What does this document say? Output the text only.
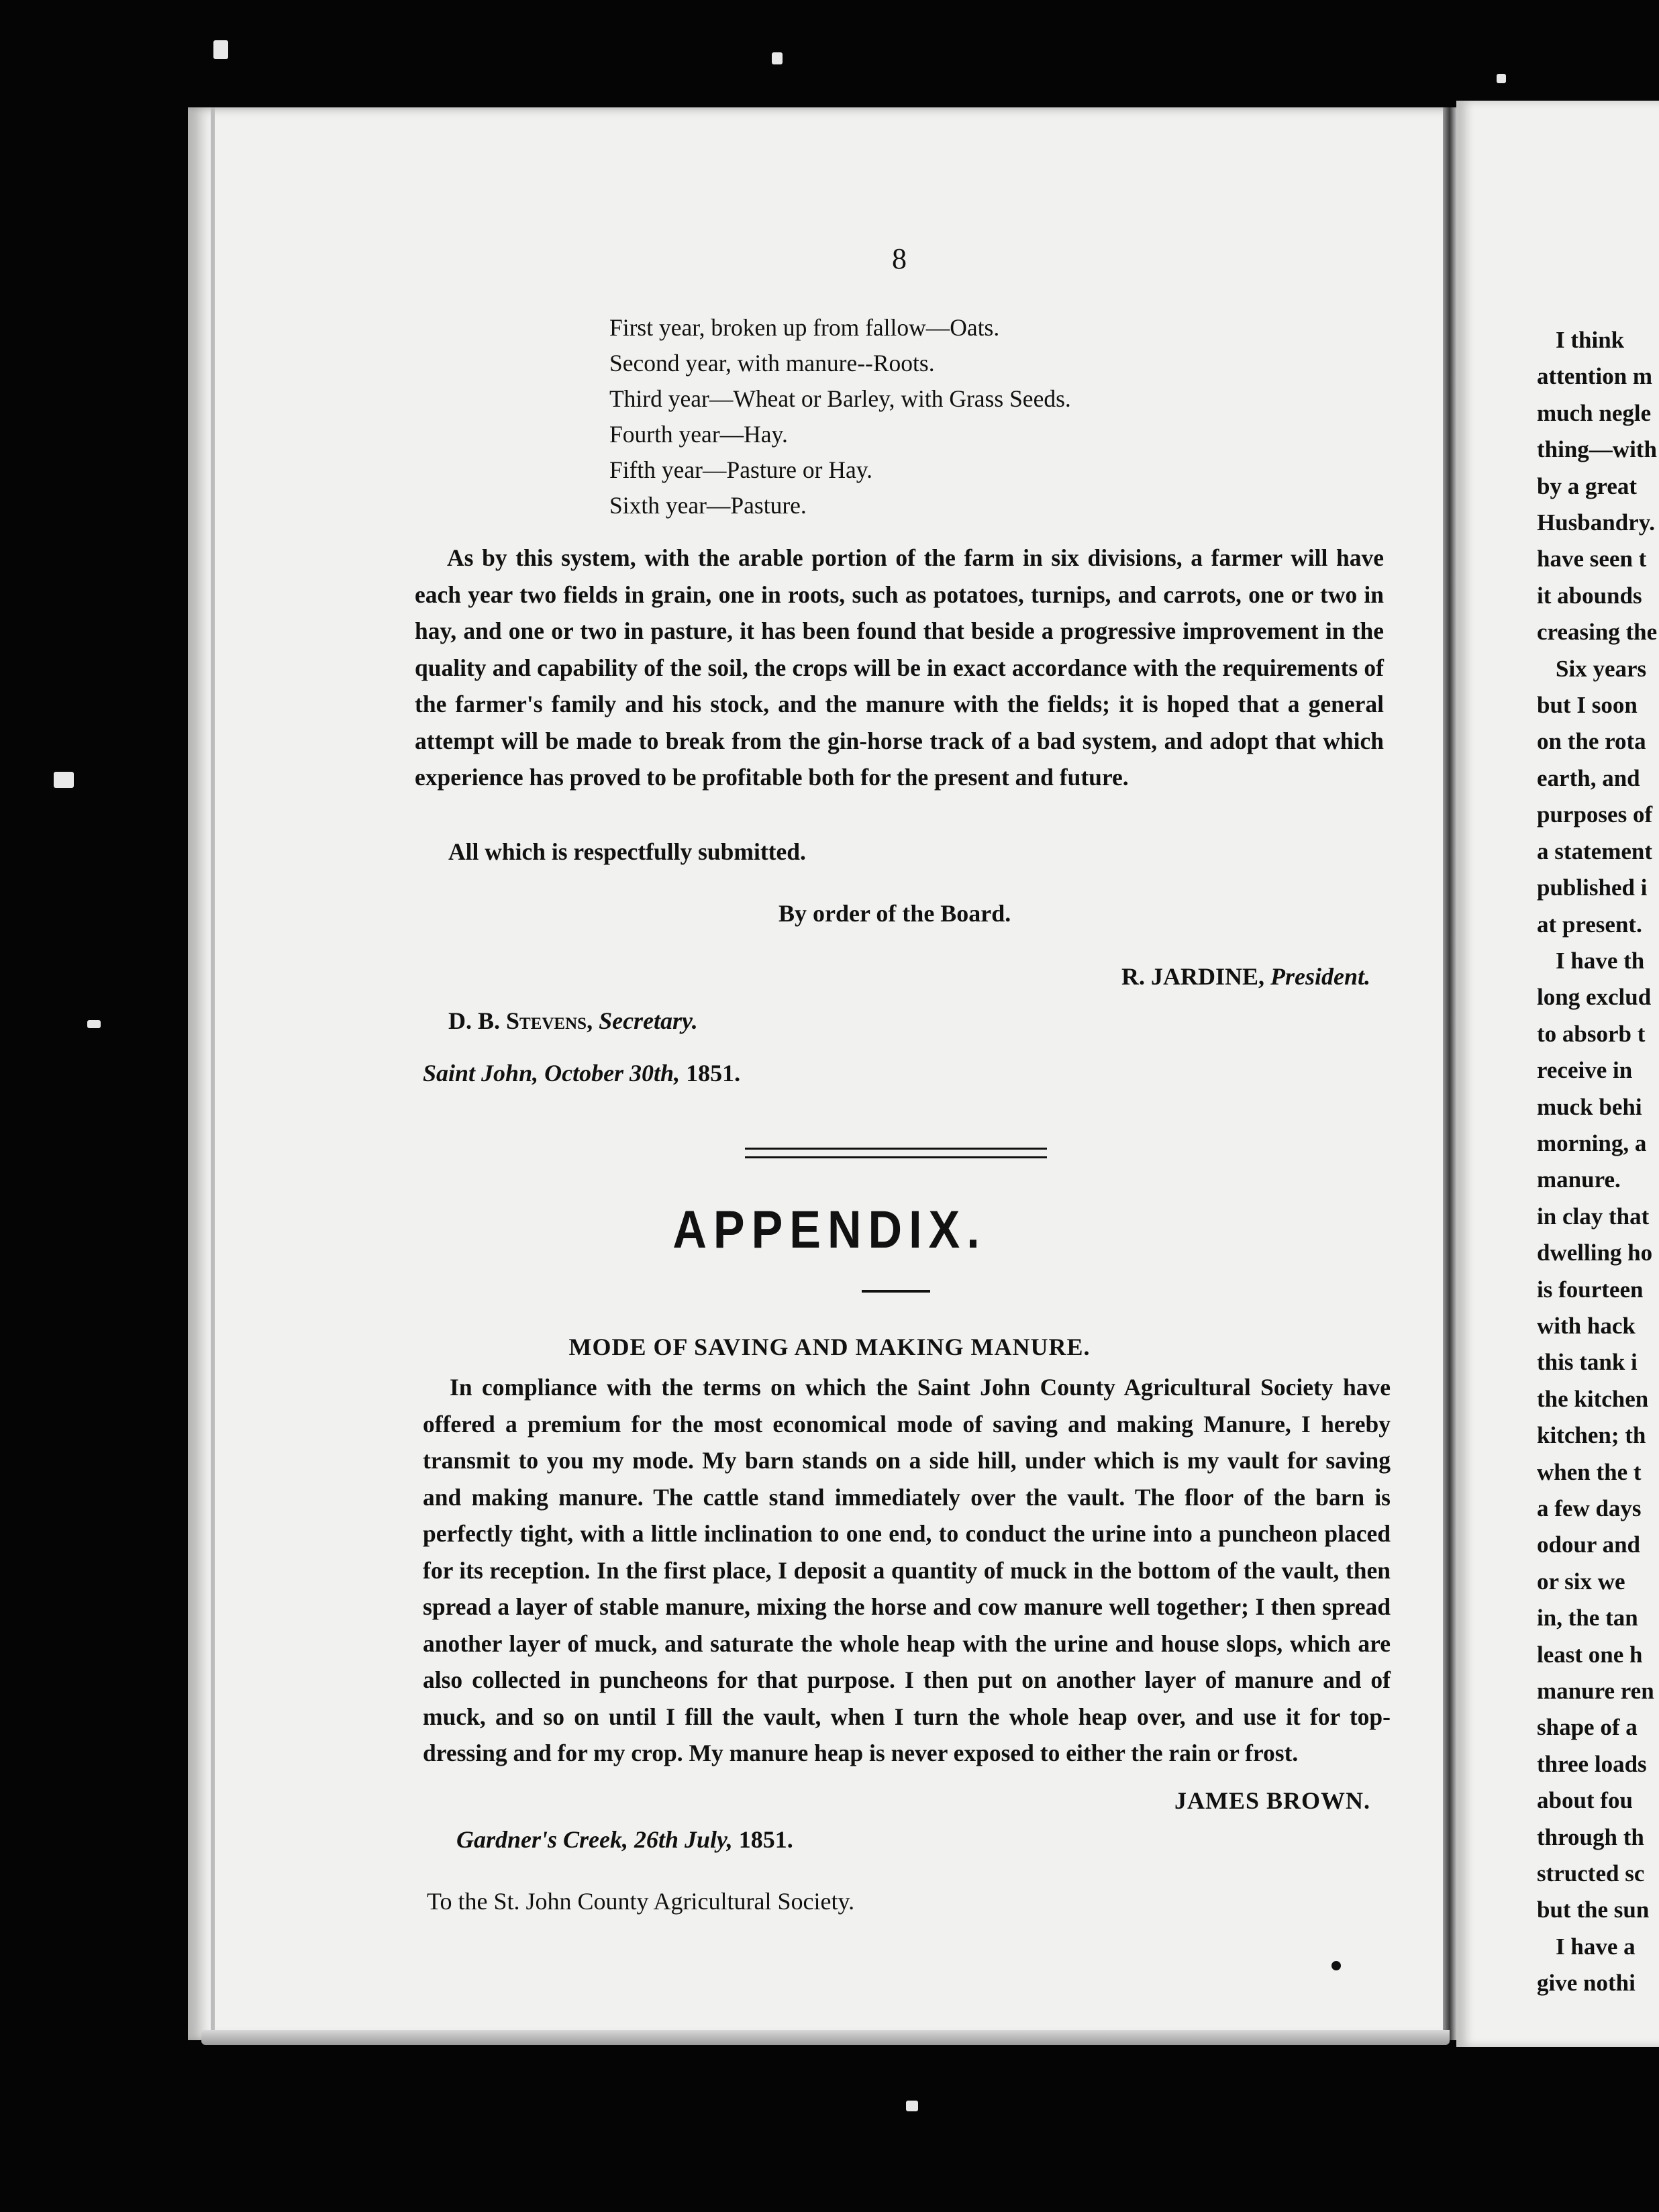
8
First year, broken up from fallow—Oats.
Second year, with manure--Roots.
Third year—Wheat or Barley, with Grass Seeds.
Fourth year—Hay.
Fifth year—Pasture or Hay.
Sixth year—Pasture.

As by this system, with the arable portion of the farm in six divisions, a farmer will have each year two fields in grain, one in roots, such as potatoes, turnips, and carrots, one or two in hay, and one or two in pasture, it has been found that beside a progressive improvement in the quality and capability of the soil, the crops will be in exact accordance with the requirements of the farmer's family and his stock, and the manure with the fields; it is hoped that a general attempt will be made to break from the gin-horse track of a bad system, and adopt that which experience has proved to be profitable both for the present and future.

All which is respectfully submitted.

By order of the Board.
R. JARDINE, President.
D. B. Stevens, Secretary.
Saint John, October 30th, 1851.
APPENDIX.
MODE OF SAVING AND MAKING MANURE.

In compliance with the terms on which the Saint John County Agricultural Society have offered a premium for the most economical mode of saving and making Manure, I hereby transmit to you my mode. My barn stands on a side hill, under which is my vault for saving and making manure. The cattle stand immediately over the vault. The floor of the barn is perfectly tight, with a little inclination to one end, to conduct the urine into a puncheon placed for its reception. In the first place, I deposit a quantity of muck in the bottom of the vault, then spread a layer of stable manure, mixing the horse and cow manure well together; I then spread another layer of muck, and saturate the whole heap with the urine and house slops, which are also collected in puncheons for that purpose. I then put on another layer of manure and of muck, and so on until I fill the vault, when I turn the whole heap over, and use it for top-dressing and for my crop. My manure heap is never exposed to either the rain or frost.

JAMES BROWN.
Gardner's Creek, 26th July, 1851.
To the St. John County Agricultural Society.
I think
attention m
much negle
thing—with
by a great
Husbandry.
have seen t
it abounds
creasing the
Six years
but I soon
on the rota
earth, and
purposes of
a statement
published i
at present.
I have th
long exclud
to absorb t
receive in
muck behi
morning, a
manure.
in clay that
dwelling ho
is fourteen
with hack
this tank i
the kitchen
kitchen; th
when the t
a few days
odour and
or six we
in, the tan
least one h
manure ren
shape of a
three loads
about fou
through th
structed sc
but the sun
I have a
give nothi
